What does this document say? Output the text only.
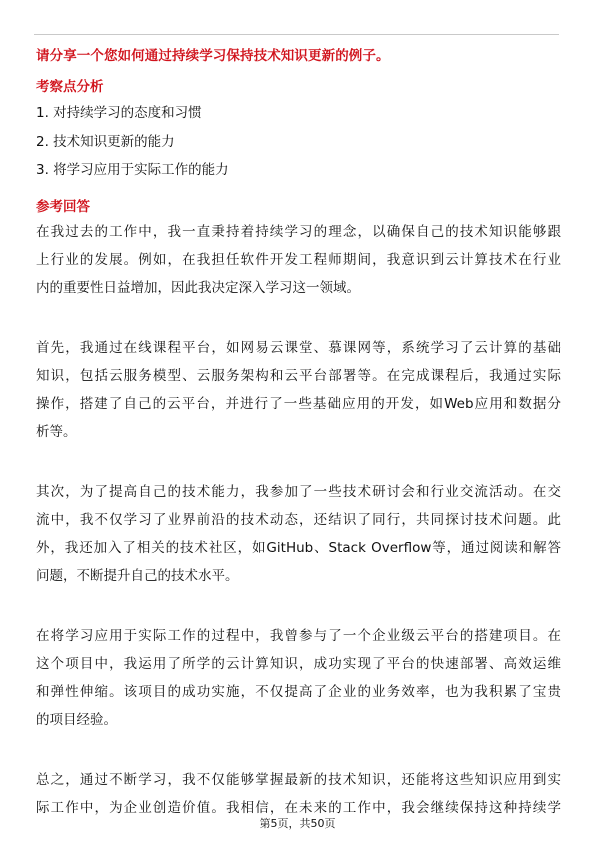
请分享一个您如何通过持续学习保持技术知识更新的例子。
考察点分析
1. 对持续学习的态度和习惯
2. 技术知识更新的能力
3. 将学习应用于实际工作的能力
参考回答
在我过去的工作中，我一直秉持着持续学习的理念，以确保自己的技术知识能够跟
上行业的发展。例如，在我担任软件开发工程师期间，我意识到云计算技术在行业
内的重要性日益增加，因此我决定深入学习这一领域。
首先，我通过在线课程平台，如网易云课堂、慕课网等，系统学习了云计算的基础
知识，包括云服务模型、云服务架构和云平台部署等。在完成课程后，我通过实际
操作，搭建了自己的云平台，并进行了一些基础应用的开发，如Web应用和数据分
析等。
其次，为了提高自己的技术能力，我参加了一些技术研讨会和行业交流活动。在交
流中，我不仅学习了业界前沿的技术动态，还结识了同行，共同探讨技术问题。此
外，我还加入了相关的技术社区，如GitHub、Stack Overflow等，通过阅读和解答
问题，不断提升自己的技术水平。
在将学习应用于实际工作的过程中，我曾参与了一个企业级云平台的搭建项目。在
这个项目中，我运用了所学的云计算知识，成功实现了平台的快速部署、高效运维
和弹性伸缩。该项目的成功实施，不仅提高了企业的业务效率，也为我积累了宝贵
的项目经验。
总之，通过不断学习，我不仅能够掌握最新的技术知识，还能将这些知识应用到实
际工作中，为企业创造价值。我相信，在未来的工作中，我会继续保持这种持续学
第5页，共50页
